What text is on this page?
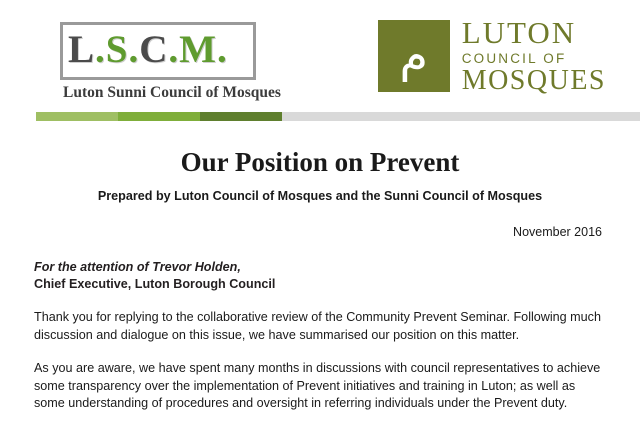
L.S.C.M.
Luton Sunni Council of Mosques
م	LUTON
COUNCIL OF
MOSQUES
Our Position on Prevent
Prepared by Luton Council of Mosques and the Sunni Council of Mosques
November 2016
For the attention of Trevor Holden,
Chief Executive, Luton Borough Council

Thank you for replying to the collaborative review of the Community Prevent Seminar. Following much discussion and dialogue on this issue, we have summarised our position on this matter.

As you are aware, we have spent many months in discussions with council representatives to achieve some transparency over the implementation of Prevent initiatives and training in Luton; as well as some understanding of procedures and oversight in referring individuals under the Prevent duty.
